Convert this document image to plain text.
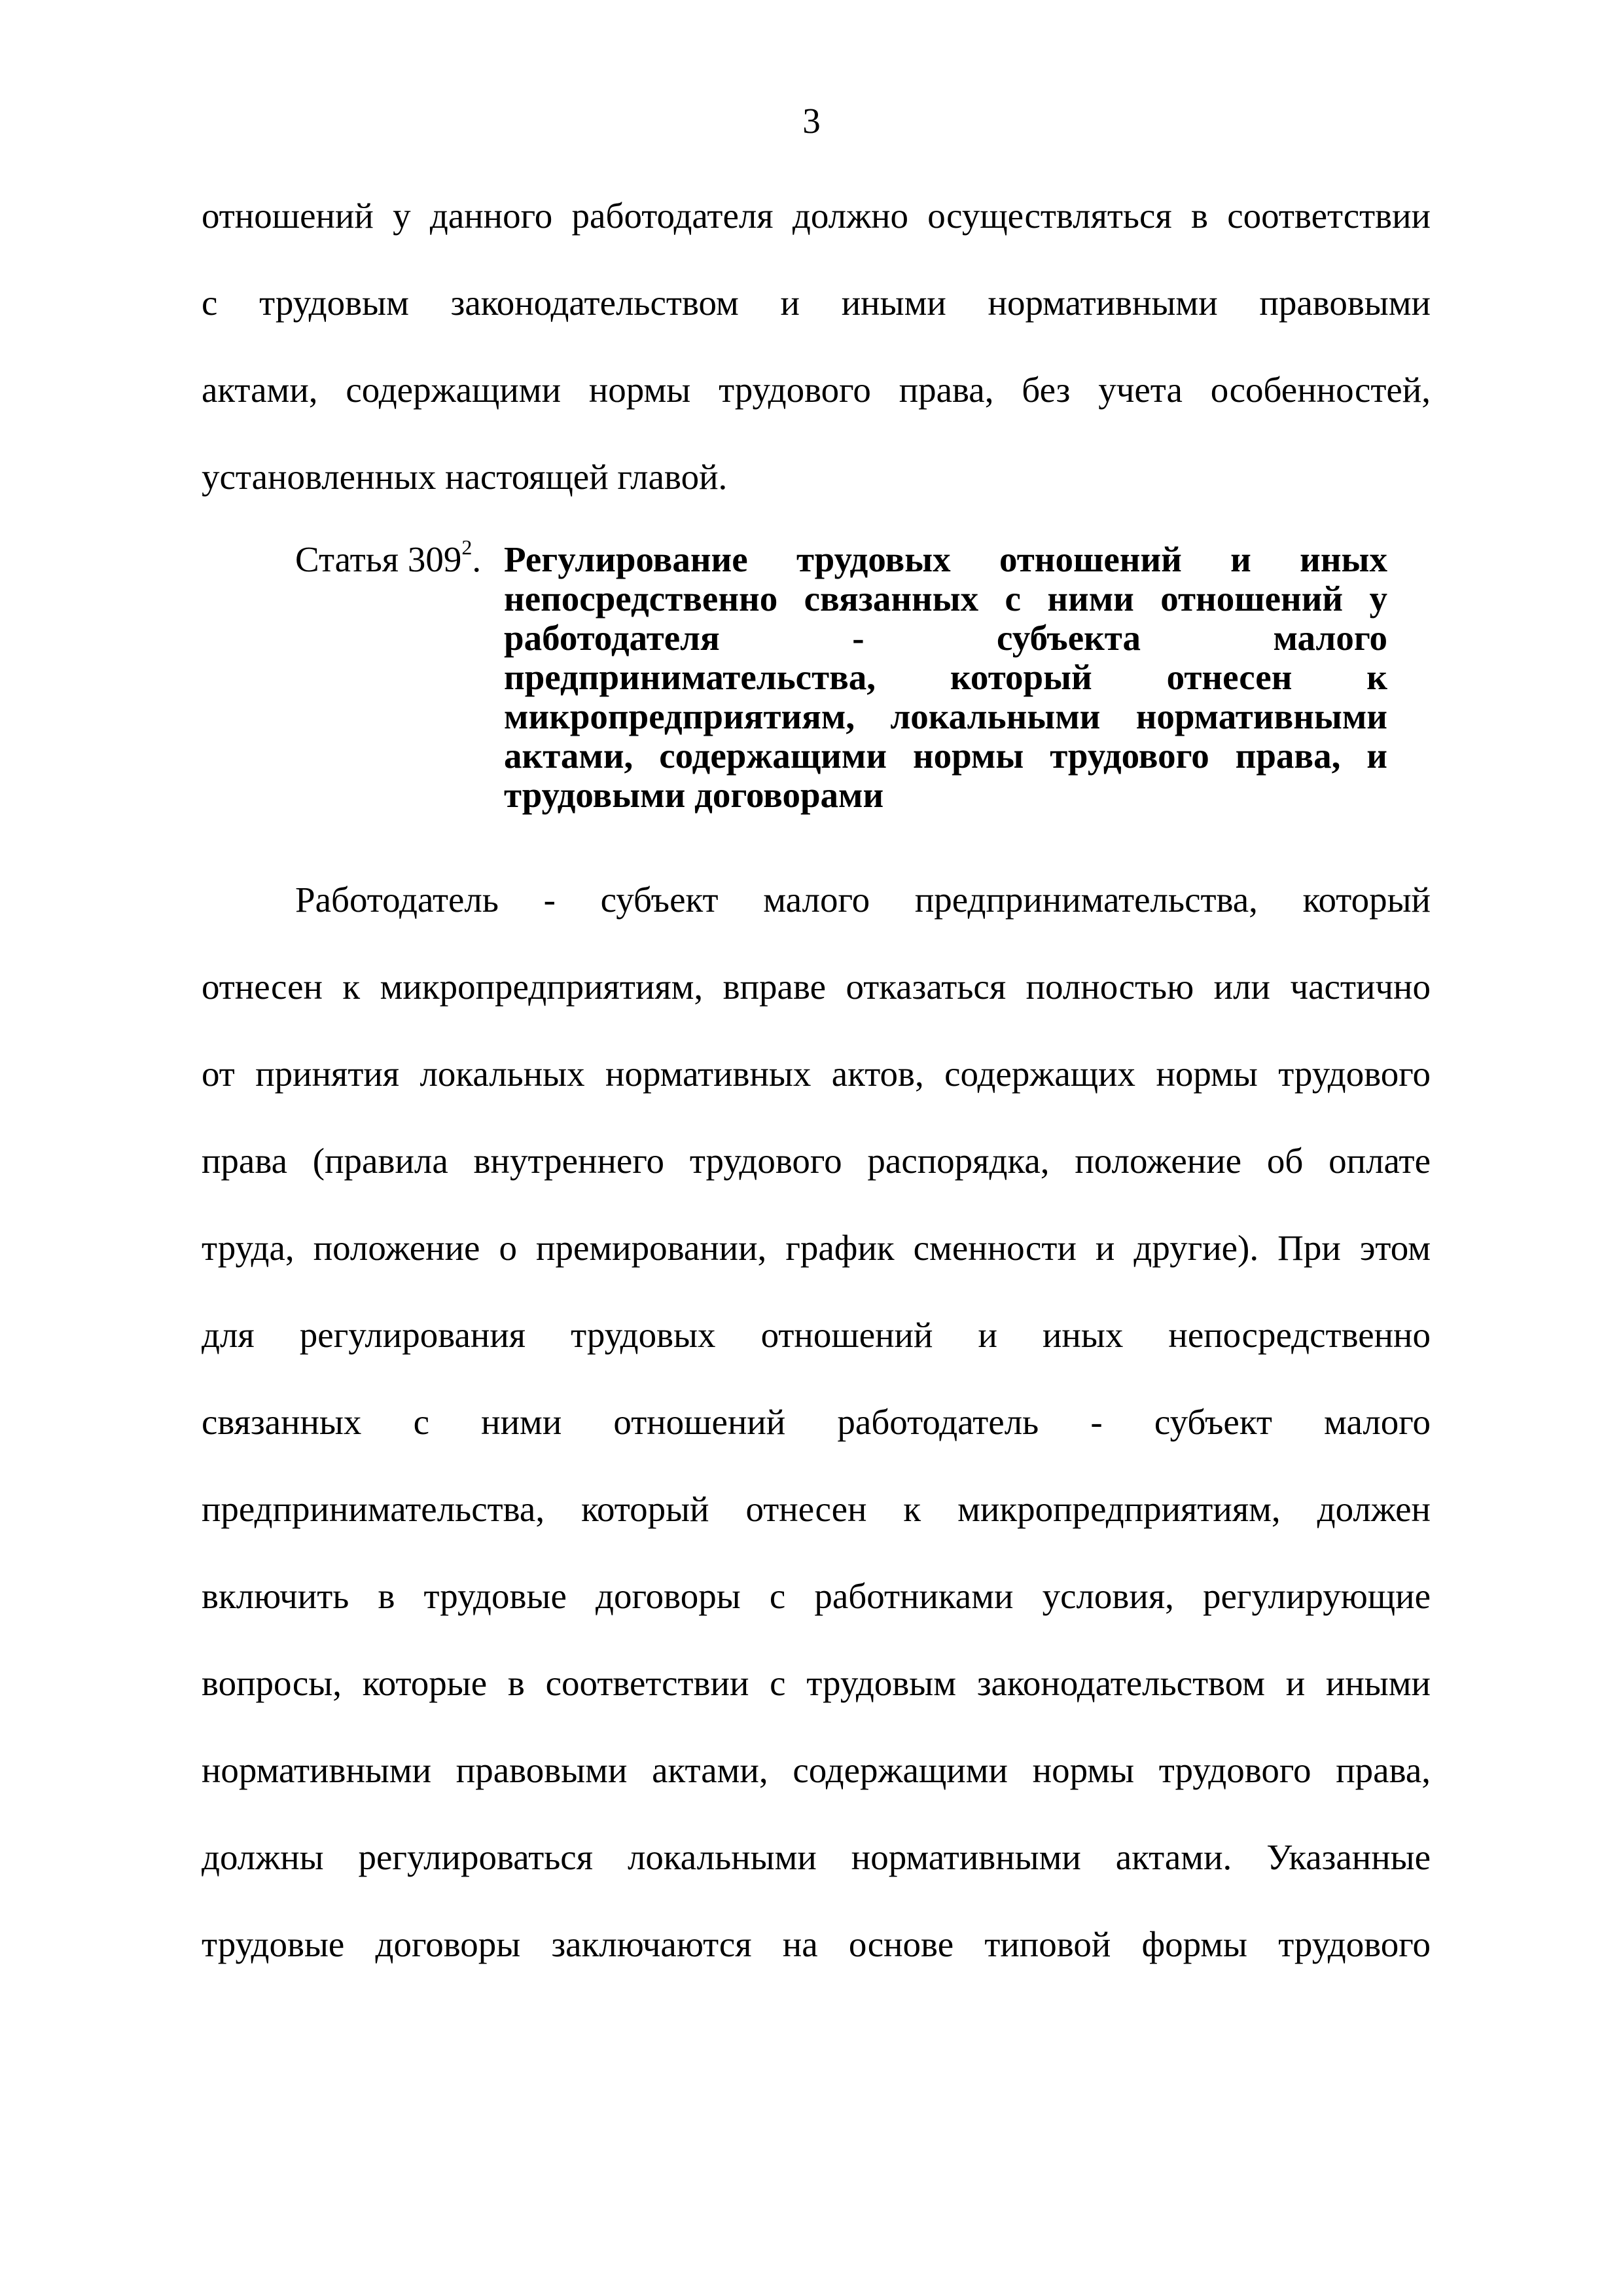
3
отношений у данного работодателя должно осуществляться в соответствии
с трудовым законодательством и иными нормативными правовыми
актами, содержащими нормы трудового права, без учета особенностей,
установленных настоящей главой.
Статья $309^2$. Регулирование трудовых отношений и иных
непосредственно связанных с ними отношений у
работодателя - субъекта малого
предпринимательства, который отнесен к
микропредприятиям, локальными нормативными
актами, содержащими нормы трудового права, и
трудовыми договорами
Работодатель - субъект малого предпринимательства, который
отнесен к микропредприятиям, вправе отказаться полностью или частично
от принятия локальных нормативных актов, содержащих нормы трудового
права (правила внутреннего трудового распорядка, положение об оплате
труда, положение о премировании, график сменности и другие). При этом
для регулирования трудовых отношений и иных непосредственно
связанных с ними отношений работодатель - субъект малого
предпринимательства, который отнесен к микропредприятиям, должен
включить в трудовые договоры с работниками условия, регулирующие
вопросы, которые в соответствии с трудовым законодательством и иными
нормативными правовыми актами, содержащими нормы трудового права,
должны регулироваться локальными нормативными актами. Указанные
трудовые договоры заключаются на основе типовой формы трудового
